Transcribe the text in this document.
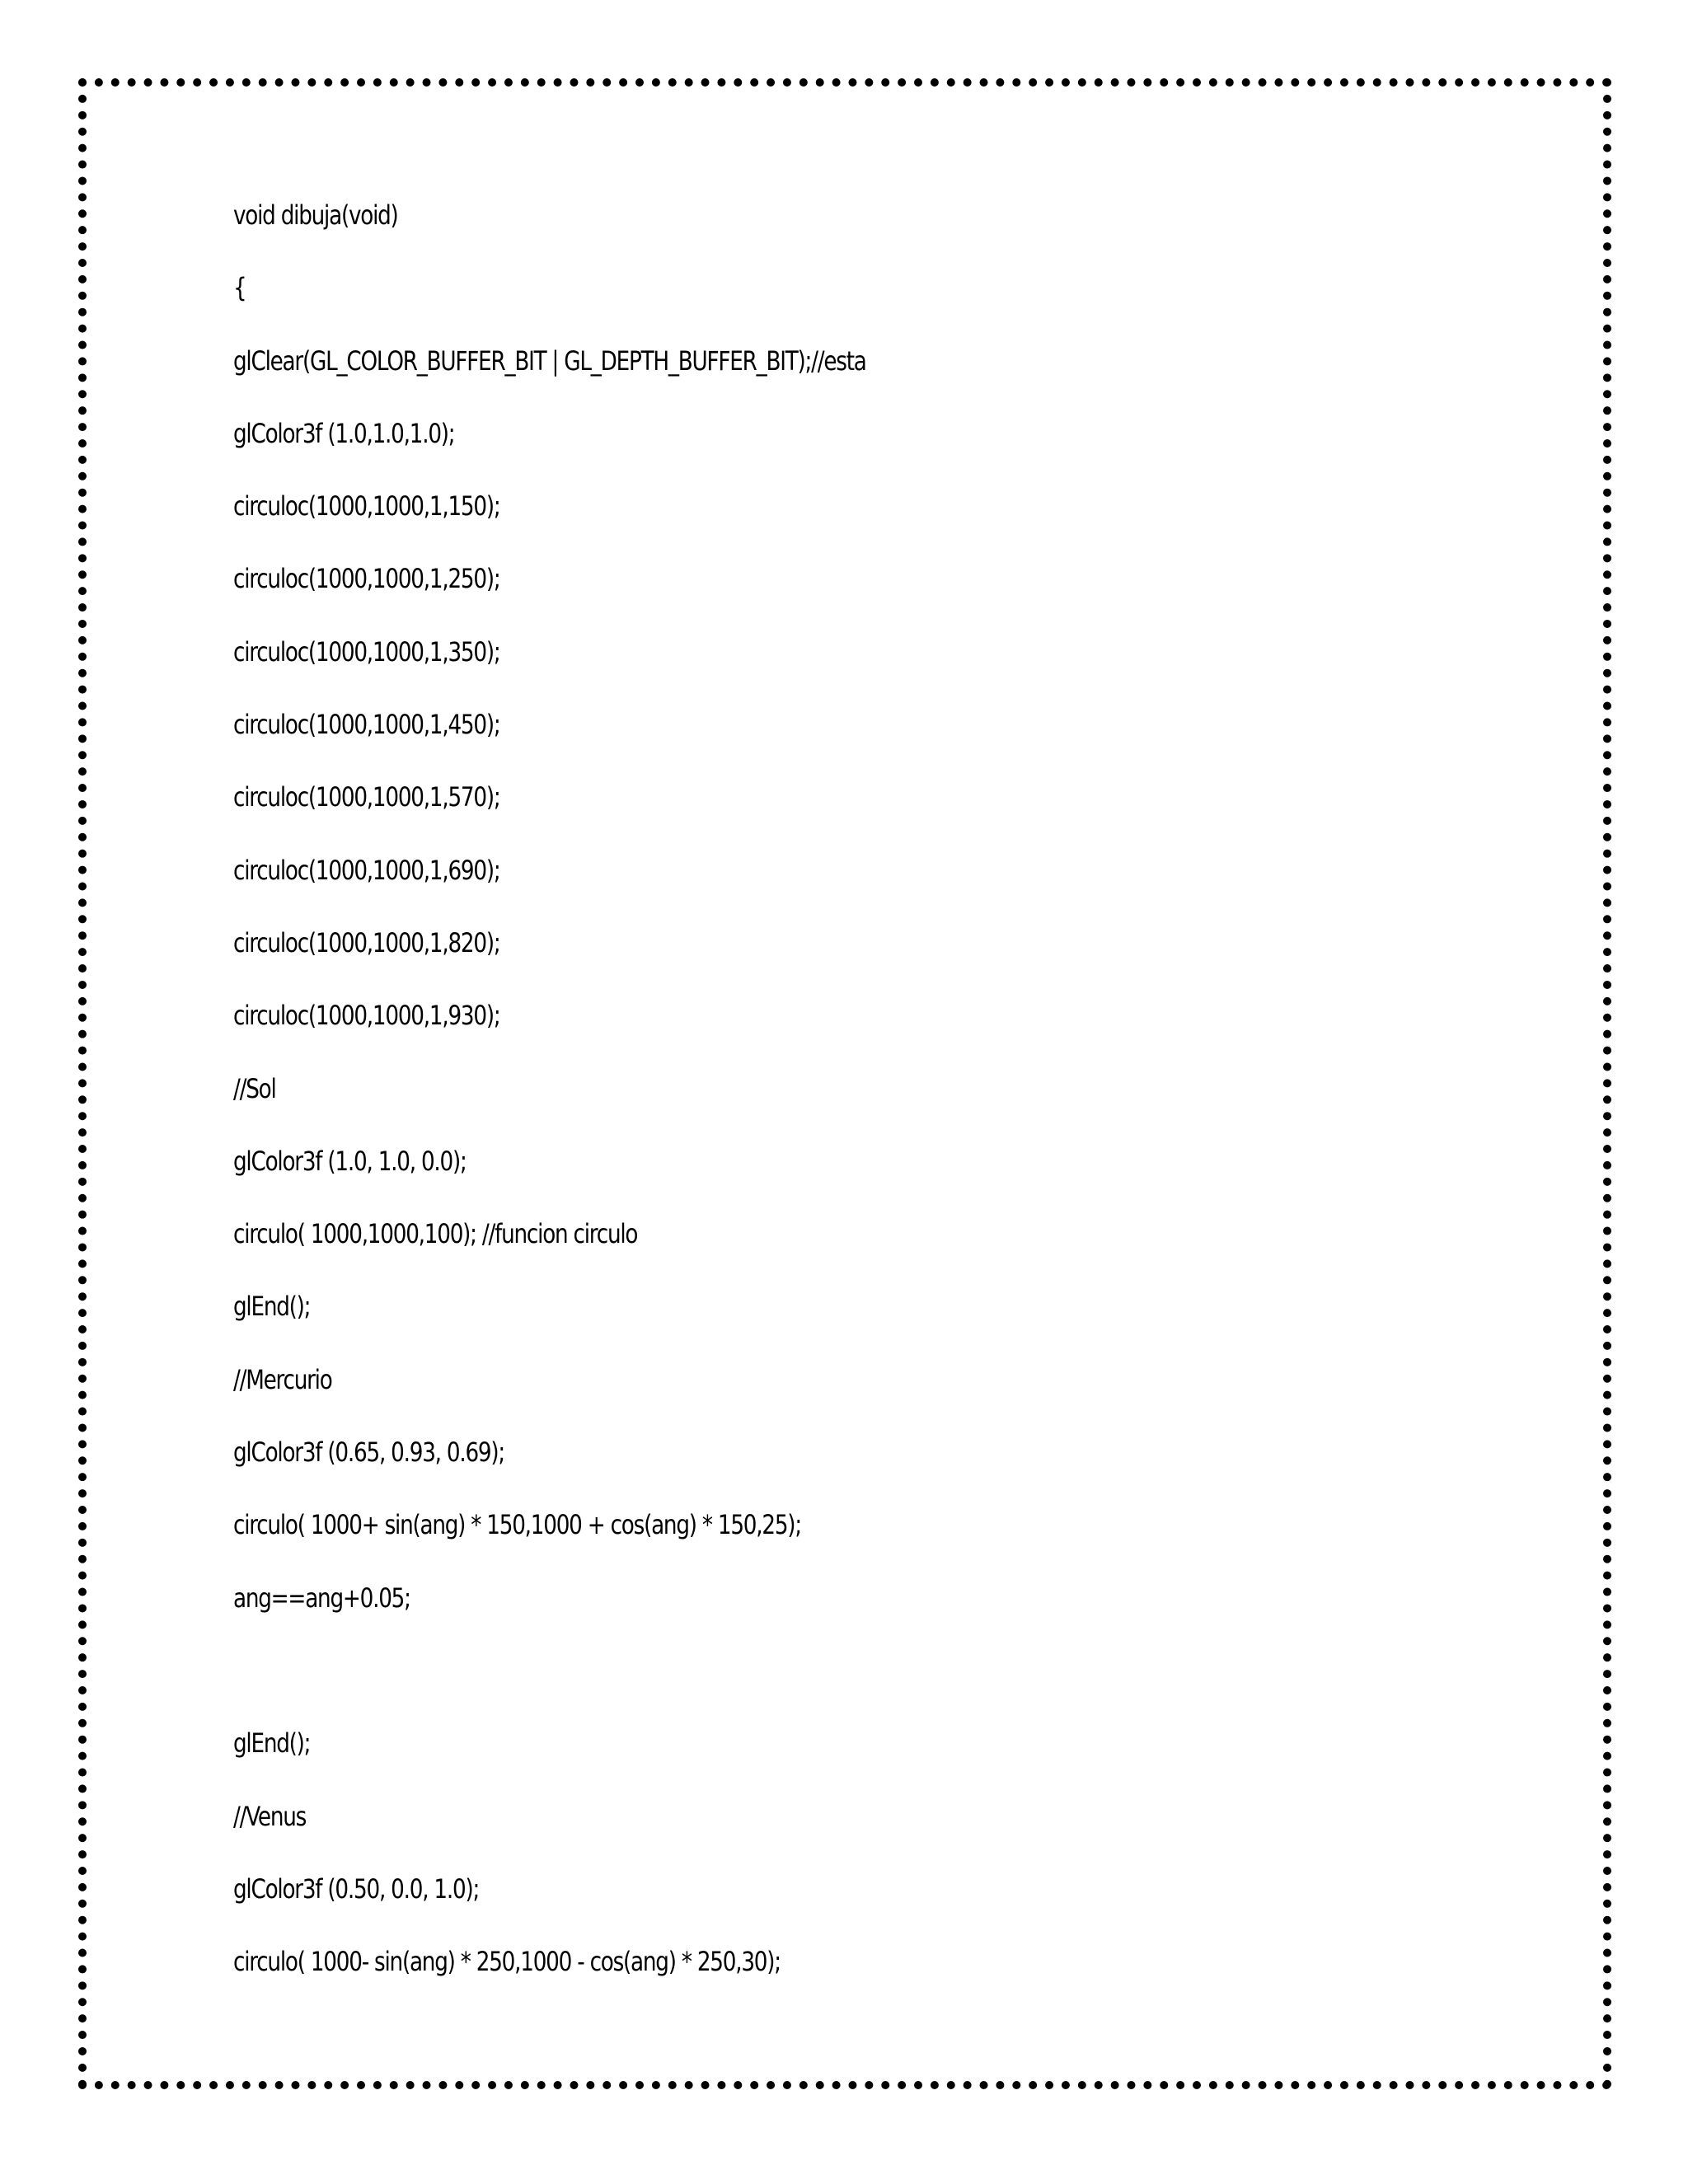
void dibuja(void)
{
glClear(GL_COLOR_BUFFER_BIT | GL_DEPTH_BUFFER_BIT);//esta
glColor3f (1.0,1.0,1.0);
circuloc(1000,1000,1,150);
circuloc(1000,1000,1,250);
circuloc(1000,1000,1,350);
circuloc(1000,1000,1,450);
circuloc(1000,1000,1,570);
circuloc(1000,1000,1,690);
circuloc(1000,1000,1,820);
circuloc(1000,1000,1,930);
//Sol
glColor3f (1.0, 1.0, 0.0);
circulo( 1000,1000,100); //funcion circulo
glEnd();
//Mercurio
glColor3f (0.65, 0.93, 0.69);
circulo( 1000+ sin(ang) * 150,1000 + cos(ang) * 150,25);
ang==ang+0.05;
glEnd();
//Venus
glColor3f (0.50, 0.0, 1.0);
circulo( 1000- sin(ang) * 250,1000 - cos(ang) * 250,30);
